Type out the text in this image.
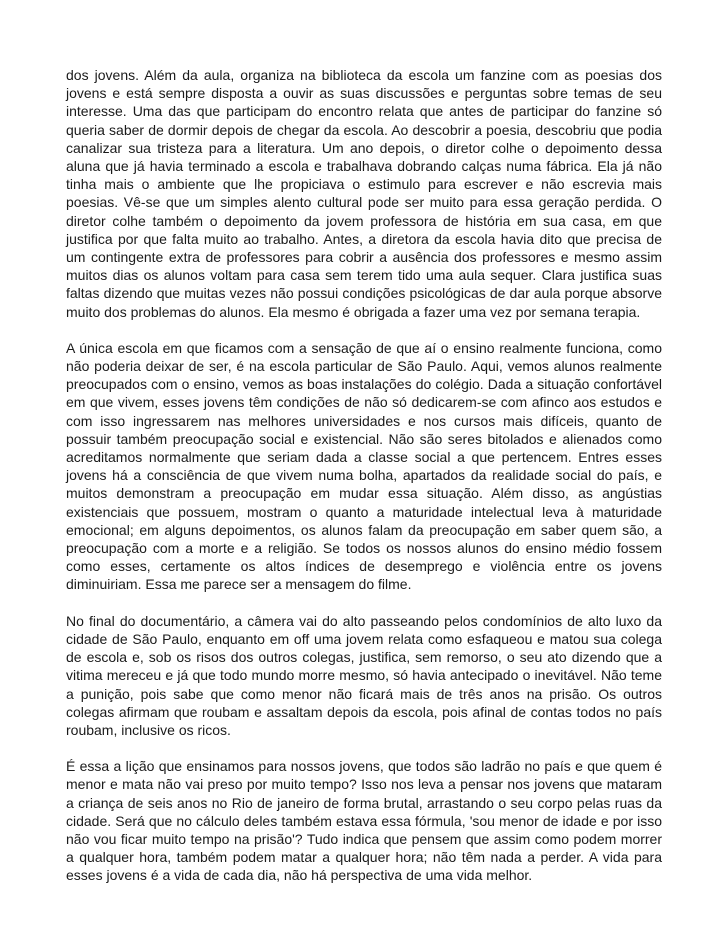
dos jovens. Além da aula, organiza na biblioteca da escola um fanzine com as poesias dos jovens e está sempre disposta a ouvir as suas discussões e perguntas sobre temas de seu interesse. Uma das que participam do encontro relata que antes de participar do fanzine só queria saber de dormir depois de chegar da escola. Ao descobrir a poesia, descobriu que podia canalizar sua tristeza para a literatura. Um ano depois, o diretor colhe o depoimento dessa aluna que já havia terminado a escola e trabalhava dobrando calças numa fábrica. Ela já não tinha mais o ambiente que lhe propiciava o estimulo para escrever e não escrevia mais poesias. Vê-se que um simples alento cultural pode ser muito para essa geração perdida. O diretor colhe também o depoimento da jovem professora de história em sua casa, em que justifica por que falta muito ao trabalho. Antes, a diretora da escola havia dito que precisa de um contingente extra de professores para cobrir a ausência dos professores e mesmo assim muitos dias os alunos voltam para casa sem terem tido uma aula sequer. Clara justifica suas faltas dizendo que muitas vezes não possui condições psicológicas de dar aula porque absorve muito dos problemas do alunos. Ela mesmo é obrigada a fazer uma vez por semana terapia.

A única escola em que ficamos com a sensação de que aí o ensino realmente funciona, como não poderia deixar de ser, é na escola particular de São Paulo. Aqui, vemos alunos realmente preocupados com o ensino, vemos as boas instalações do colégio. Dada a situação confortável em que vivem, esses jovens têm condições de não só dedicarem-se com afinco aos estudos e com isso ingressarem nas melhores universidades e nos cursos mais difíceis, quanto de possuir também preocupação social e existencial. Não são seres bitolados e alienados como acreditamos normalmente que seriam dada a classe social a que pertencem. Entres esses jovens há a consciência de que vivem numa bolha, apartados da realidade social do país, e muitos demonstram a preocupação em mudar essa situação. Além disso, as angústias existenciais que possuem, mostram o quanto a maturidade intelectual leva à maturidade emocional; em alguns depoimentos, os alunos falam da preocupação em saber quem são, a preocupação com a morte e a religião. Se todos os nossos alunos do ensino médio fossem como esses, certamente os altos índices de desemprego e violência entre os jovens diminuiriam. Essa me parece ser a mensagem do filme.

No final do documentário, a câmera vai do alto passeando pelos condomínios de alto luxo da cidade de São Paulo, enquanto em off uma jovem relata como esfaqueou e matou sua colega de escola e, sob os risos dos outros colegas, justifica, sem remorso, o seu ato dizendo que a vitima mereceu e já que todo mundo morre mesmo, só havia antecipado o inevitável. Não teme a punição, pois sabe que como menor não ficará mais de três anos na prisão. Os outros colegas afirmam que roubam e assaltam depois da escola, pois afinal de contas todos no país roubam, inclusive os ricos.

É essa a lição que ensinamos para nossos jovens, que todos são ladrão no país e que quem é menor e mata não vai preso por muito tempo? Isso nos leva a pensar nos jovens que mataram a criança de seis anos no Rio de janeiro de forma brutal, arrastando o seu corpo pelas ruas da cidade. Será que no cálculo deles também estava essa fórmula, 'sou menor de idade e por isso não vou ficar muito tempo na prisão'? Tudo indica que pensem que assim como podem morrer a qualquer hora, também podem matar a qualquer hora; não têm nada a perder. A vida para esses jovens é a vida de cada dia, não há perspectiva de uma vida melhor.
